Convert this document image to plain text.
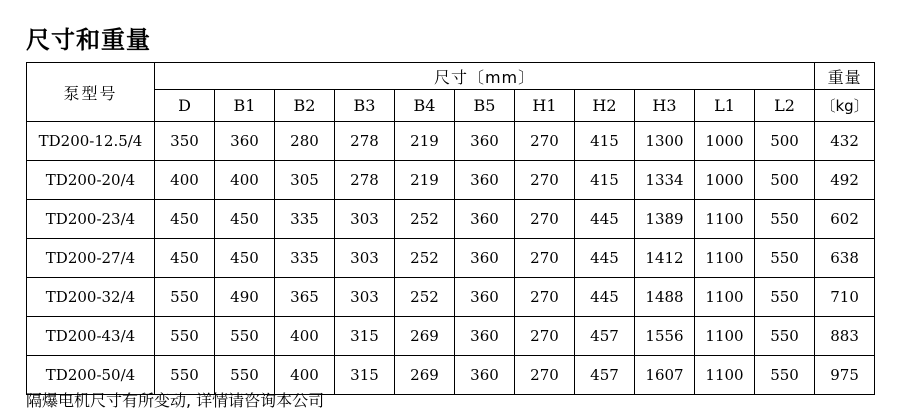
尺寸和重量
泵型号	尺寸〔mm〕											重量
	D	B1	B2	B3	B4	B5	H1	H2	H3	L1	L2	〔kg〕
TD200-12.5/4	350	360	280	278	219	360	270	415	1300	1000	500	432
TD200-20/4	400	400	305	278	219	360	270	415	1334	1000	500	492
TD200-23/4	450	450	335	303	252	360	270	445	1389	1100	550	602
TD200-27/4	450	450	335	303	252	360	270	445	1412	1100	550	638
TD200-32/4	550	490	365	303	252	360	270	445	1488	1100	550	710
TD200-43/4	550	550	400	315	269	360	270	457	1556	1100	550	883
TD200-50/4	550	550	400	315	269	360	270	457	1607	1100	550	975
隔爆电机尺寸有所变动, 详情请咨询本公司
